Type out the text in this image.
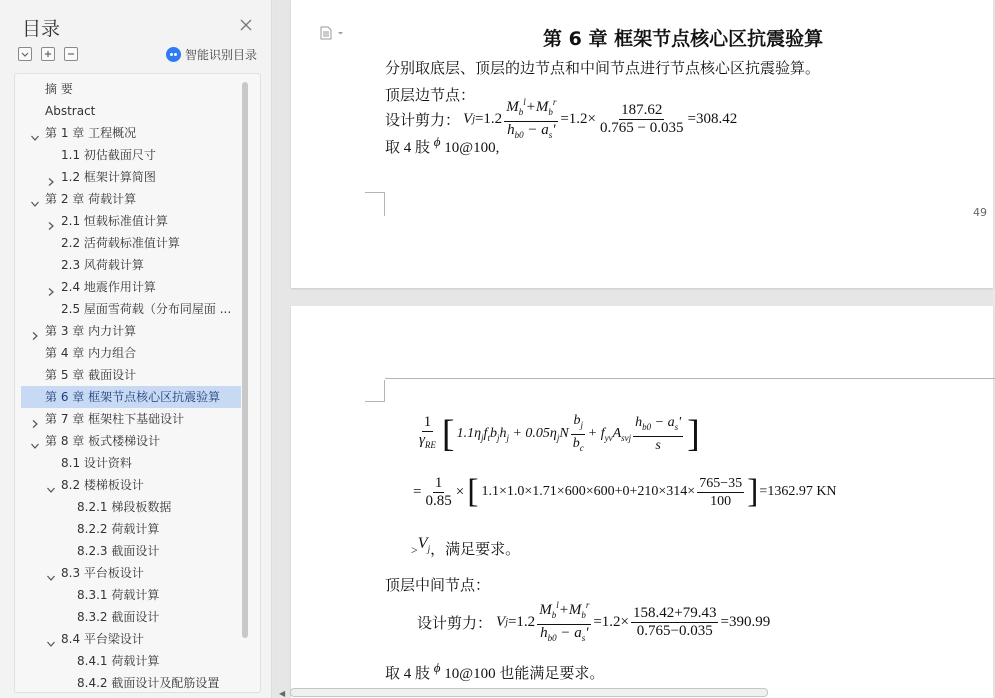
目录
智能识别目录
摘 要
Abstract
第 1 章 工程概况
1.1 初估截面尺寸
1.2 框架计算简图
第 2 章 荷载计算
2.1 恒载标准值计算
2.2 活荷载标准值计算
2.3 风荷载计算
2.4 地震作用计算
2.5 屋面雪荷载（分布同屋面 ...
第 3 章 内力计算
第 4 章 内力组合
第 5 章 截面设计
第 6 章 框架节点核心区抗震验算
第 7 章 框架柱下基础设计
第 8 章 板式楼梯设计
8.1 设计资料
8.2 楼梯板设计
8.2.1 梯段板数据
8.2.2 荷载计算
8.2.3 截面设计
8.3 平台板设计
8.3.1 荷载计算
8.3.2 截面设计
8.4 平台梁设计
8.4.1 荷载计算
8.4.2 截面设计及配筋设置
第 6 章 框架节点核心区抗震验算
分别取底层、顶层的边节点和中间节点进行节点核心区抗震验算。
顶层边节点：
设计剪力： V $j =1.2 \frac{M_b^l+M_b^r}{h_{b0} - a_s'} =1.2\times \frac{187.62}{0.765 - 0.035} =308.42$
取 4 肢 $^\phi$ 10@100,
49
$\frac{1}{\gamma_{RE}}$ [ $1.1\eta_jf_tb_jh_j + 0.05\eta_jN \frac{b_j}{b_c} + f_{yv}A_{svj} \frac{h_{b0} - a_s'}{s}$ ]
= $\frac{1}{0.85}$ × [ $1.1\times 1.0\times 1.71\times 600\times 600+0+210\times 314\times \frac{765-35}{100}$ ] =1362.97 KN
$>V_j$，满足要求。
顶层中间节点：
设计剪力： V $j =1.2 \frac{M_b^l+M_b^r}{h_{b0} - a_s'} =1.2\times \frac{158.42+79.43}{0.765-0.035} =390.99$
取 4 肢 $^\phi$ 10@100 也能满足要求。
◀
